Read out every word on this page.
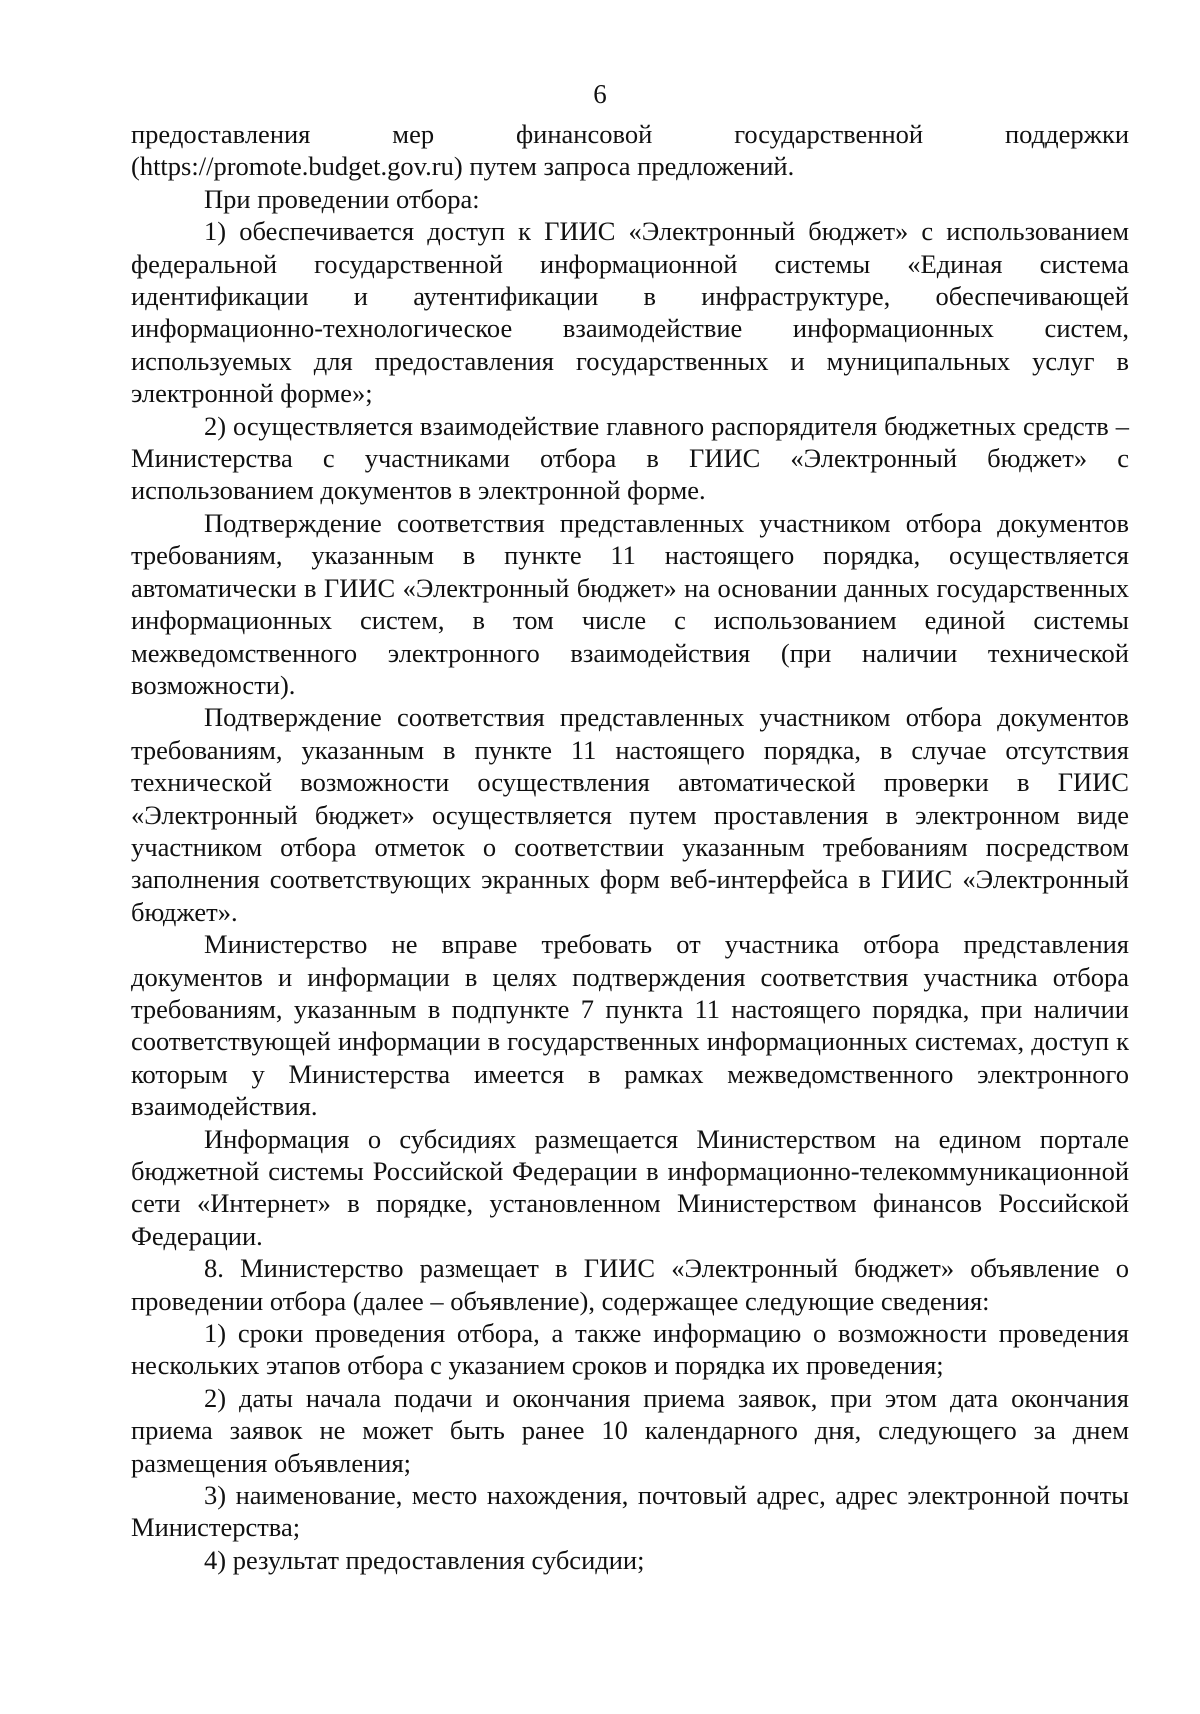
6

предоставления мер финансовой государственной поддержки (https://promote.budget.gov.ru) путем запроса предложений.

При проведении отбора:

1) обеспечивается доступ к ГИИС «Электронный бюджет» с использованием федеральной государственной информационной системы «Единая система идентификации и аутентификации в инфраструктуре, обеспечивающей информационно-технологическое взаимодействие информационных систем, используемых для предоставления государственных и муниципальных услуг в электронной форме»;

2) осуществляется взаимодействие главного распорядителя бюджетных средств – Министерства с участниками отбора в ГИИС «Электронный бюджет» с использованием документов в электронной форме.

Подтверждение соответствия представленных участником отбора документов требованиям, указанным в пункте 11 настоящего порядка, осуществляется автоматически в ГИИС «Электронный бюджет» на основании данных государственных информационных систем, в том числе с использованием единой системы межведомственного электронного взаимодействия (при наличии технической возможности).

Подтверждение соответствия представленных участником отбора документов требованиям, указанным в пункте 11 настоящего порядка, в случае отсутствия технической возможности осуществления автоматической проверки в ГИИС «Электронный бюджет» осуществляется путем проставления в электронном виде участником отбора отметок о соответствии указанным требованиям посредством заполнения соответствующих экранных форм веб-интерфейса в ГИИС «Электронный бюджет».

Министерство не вправе требовать от участника отбора представления документов и информации в целях подтверждения соответствия участника отбора требованиям, указанным в подпункте 7 пункта 11 настоящего порядка, при наличии соответствующей информации в государственных информационных системах, доступ к которым у Министерства имеется в рамках межведомственного электронного взаимодействия.

Информация о субсидиях размещается Министерством на едином портале бюджетной системы Российской Федерации в информационно-телекоммуникационной сети «Интернет» в порядке, установленном Министерством финансов Российской Федерации.

8. Министерство размещает в ГИИС «Электронный бюджет» объявление о проведении отбора (далее – объявление), содержащее следующие сведения:

1) сроки проведения отбора, а также информацию о возможности проведения нескольких этапов отбора с указанием сроков и порядка их проведения;

2) даты начала подачи и окончания приема заявок, при этом дата окончания приема заявок не может быть ранее 10 календарного дня, следующего за днем размещения объявления;

3) наименование, место нахождения, почтовый адрес, адрес электронной почты Министерства;

4) результат предоставления субсидии;
